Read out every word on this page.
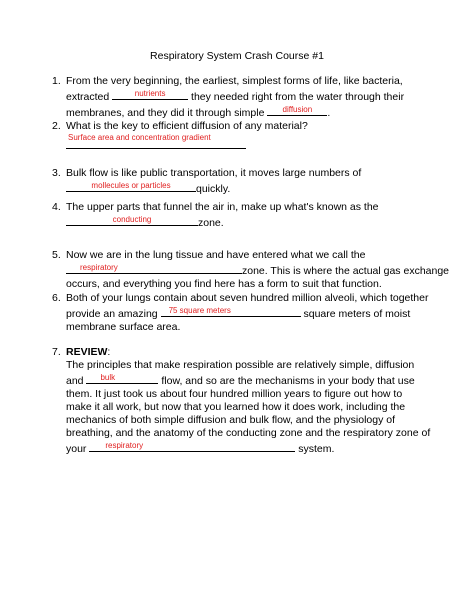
Respiratory System Crash Course #1
1. From the very beginning, the earliest, simplest forms of life, like bacteria,
extracted	nutrients	they needed right from the water through their
membranes, and they did it through simple	diffusion	.
2. What is the key to efficient diffusion of any material?
Surface area and concentration gradient
3. Bulk flow is like public transportation, it moves large numbers of
mollecules or particles	quickly.
4. The upper parts that funnel the air in, make up what's known as the
conducting	zone.
5. Now we are in the lung tissue and have entered what we call the
respiratory	zone. This is where the actual gas exchange
occurs, and everything you find here has a form to suit that function.
6. Both of your lungs contain about seven hundred million alveoli, which together
provide an amazing	75 square meters	square meters of moist
membrane surface area.
7. REVIEW:
The principles that make respiration possible are relatively simple, diffusion
and	bulk	flow, and so are the mechanisms in your body that use
them. It just took us about four hundred million years to figure out how to
make it all work, but now that you learned how it does work, including the
mechanics of both simple diffusion and bulk flow, and the physiology of
breathing, and the anatomy of the conducting zone and the respiratory zone of
your	respiratory	system.
